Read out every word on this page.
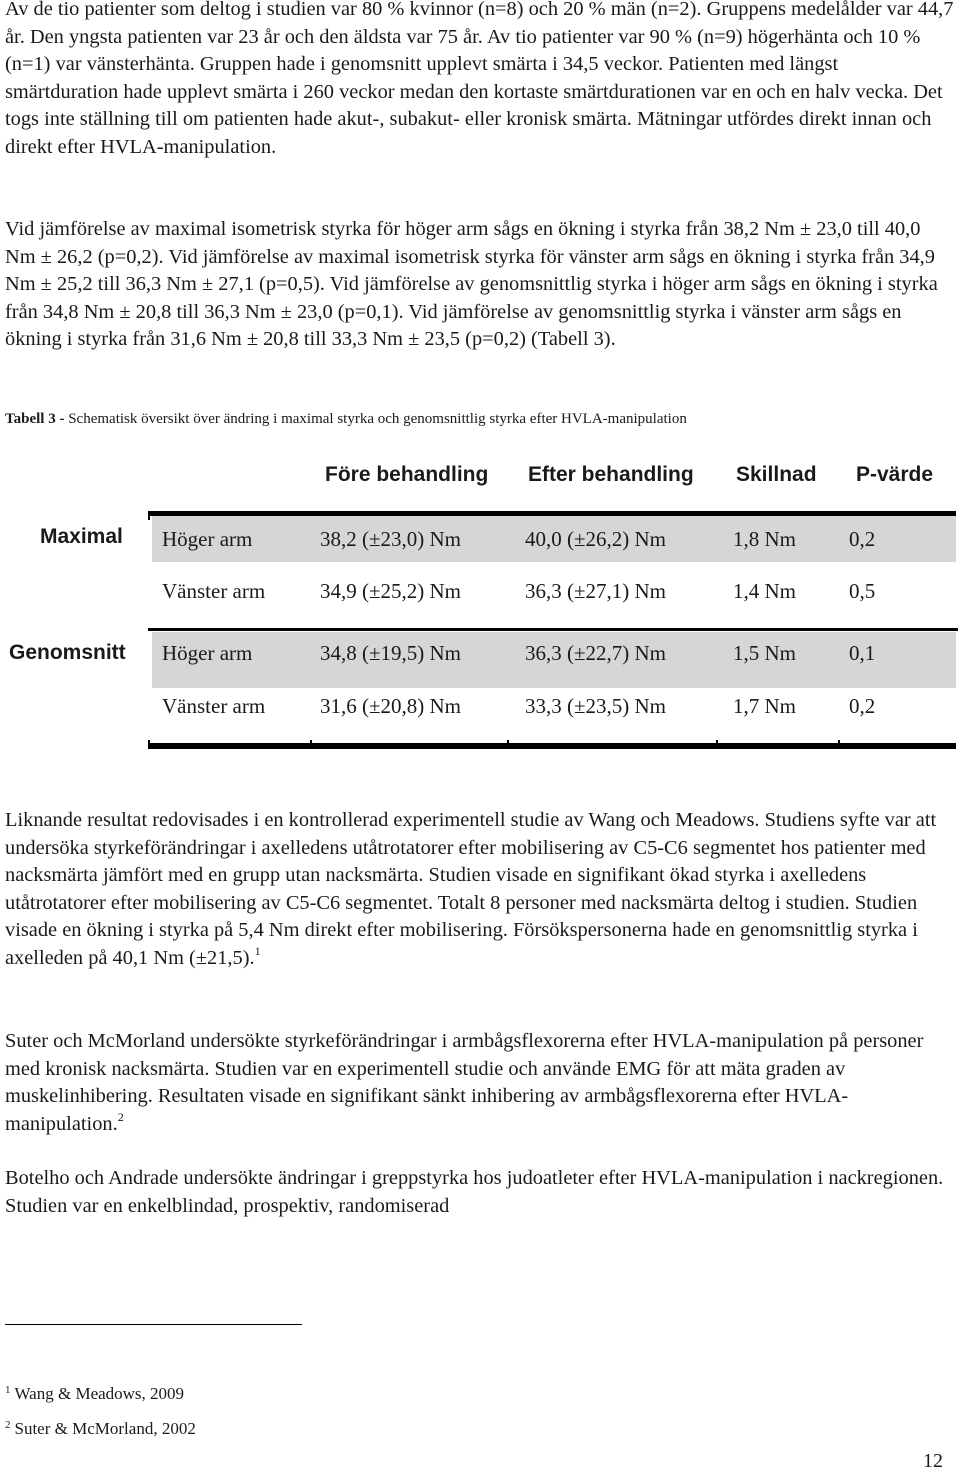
Av de tio patienter som deltog i studien var 80 % kvinnor (n=8) och 20 % män (n=2). Gruppens medelålder var 44,7 år. Den yngsta patienten var 23 år och den äldsta var 75 år. Av tio patienter var 90 % (n=9) högerhänta och 10 % (n=1) var vänsterhänta. Gruppen hade i genomsnitt upplevt smärta i 34,5 veckor. Patienten med längst smärtduration hade upplevt smärta i 260 veckor medan den kortaste smärtdurationen var en och en halv vecka. Det togs inte ställning till om patienten hade akut-, subakut- eller kronisk smärta. Mätningar utfördes direkt innan och direkt efter HVLA-manipulation.

Vid jämförelse av maximal isometrisk styrka för höger arm sågs en ökning i styrka från 38,2 Nm ± 23,0 till 40,0 Nm ± 26,2 (p=0,2). Vid jämförelse av maximal isometrisk styrka för vänster arm sågs en ökning i styrka från 34,9 Nm ± 25,2 till 36,3 Nm ± 27,1 (p=0,5). Vid jämförelse av genomsnittlig styrka i höger arm sågs en ökning i styrka från 34,8 Nm ± 20,8 till 36,3 Nm ± 23,0 (p=0,1). Vid jämförelse av genomsnittlig styrka i vänster arm sågs en ökning i styrka från 31,6 Nm ± 20,8 till 33,3 Nm ± 23,5 (p=0,2) (Tabell 3).

Tabell 3 - Schematisk översikt över ändring i maximal styrka och genomsnittlig styrka efter HVLA-manipulation
Före behandling Efter behandling Skillnad P-värde
Maximal Höger arm	38,2 (±23,0) Nm	40,0 (±26,2) Nm	1,8 Nm	0,2
Vänster arm	34,9 (±25,2) Nm	36,3 (±27,1) Nm	1,4 Nm	0,5
Genomsnitt Höger arm	34,8 (±19,5) Nm	36,3 (±22,7) Nm	1,5 Nm	0,1
Vänster arm	31,6 (±20,8) Nm	33,3 (±23,5) Nm	1,7 Nm	0,2

Liknande resultat redovisades i en kontrollerad experimentell studie av Wang och Meadows. Studiens syfte var att undersöka styrkeförändringar i axelledens utåtrotatorer efter mobilisering av C5-C6 segmentet hos patienter med nacksmärta jämfört med en grupp utan nacksmärta. Studien visade en signifikant ökad styrka i axelledens utåtrotatorer efter mobilisering av C5-C6 segmentet. Totalt 8 personer med nacksmärta deltog i studien. Studien visade en ökning i styrka på 5,4 Nm direkt efter mobilisering. Försökspersonerna hade en genomsnittlig styrka i axelleden på 40,1 Nm (±21,5).$^1$

Suter och McMorland undersökte styrkeförändringar i armbågsflexorerna efter HVLA-manipulation på personer med kronisk nacksmärta. Studien var en experimentell studie och använde EMG för att mäta graden av muskelinhibering. Resultaten visade en signifikant sänkt inhibering av armbågsflexorerna efter HVLA-manipulation.$^2$

Botelho och Andrade undersökte ändringar i greppstyrka hos judoatleter efter HVLA-manipulation i nackregionen. Studien var en enkelblindad, prospektiv, randomiserad

$^1$ Wang & Meadows, 2009
$^2$ Suter & McMorland, 2002
12
